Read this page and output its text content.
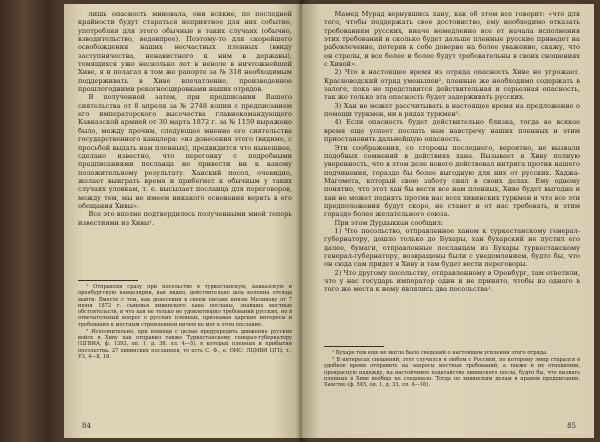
лишь опасность миновала, они всякие, по последней крайности будут стараться неприятное для них событие, употребляя для этого обычные в таких случаях (обычно, взводительство, ведовпрее). Поэтому-то для скорейшего освобождения наших несчастных пленных (ввиду заступничества, ненавистного к ним в державы), томящихся уже несколько лет в неволе в ничтожнейшей Хиве, я и полагал в том же рапорте за № 318 необходимым поддерживать в Хиве впечатление, произведенное прошлогодними рекогносцировками наших отрядов.

В полученной затем, при предписании Вашего сиятельства от 8 апреля за № 2748 копии с предписанием его императорского высочества главнокомандующего Кавказской армией от 30 марта 1872 г. за № 1159 выражено было, между прочим, следующее мнение его сиятельства государственного канцлера: «из донесения этого (видимо, с просьбой выдать нам пленных), предвидится что нынешнее, сделано известно, что перегонку с подробными предписаниями посланца не привести ни к какому положительному результату. Ханский посол, очевидно, желает выиграть время и прибегнет к обычным у таких случаях уловкам, т. е. высылает посланца для переговоров, между тем, мы не имеем никакого основания верить в его обещания Хивы».

Все это вполне подтвердилось полученными мной теперь известиями из Хивы¹.

¹ Отправляя сразу при посольстве в туркестанскую, кавказскую и оренбургскую канцелярии, как видно, действительно шла колонна отсюда выйти. Вместе с тем, как донесения в своем письме князю Меликову от 7 июня 1872 г. сыновья хивинского хана посланы, знавших местных обстоятельств, и что хан не только не удовлетворил требований русских, но в отвечательный вопрос о русских пленных, признавая царские интересы и требования к местным стремлением ничем не мог в этом послание.

² Исполнительно, при помощи с целью предупредить движение русских войск в Хиву хан отправил также Туркестанскому генерал-губернатору (ЦГВИА, ф. 1393, оп. 1, д. 38, лл. 4—5), в которых пленных и прибытии посольства. 27 хивинских посланцев, то есть С. Ф., е. ОИС: ЛЦИВИ ЦГЦ. т., УЗ, 4—8, 16.

84

Мамед Мурад вернувшись хану, как об этом все говорит: «что для того, чтобы поддержать свое достоинство, ему необходимо отказать требованиям русских, иначе немедленно все от начала исполнения этих требований и сколько будет дальше пленные русские приведет на рабовлечение, потеряв к себе доверие на более уважение, скажу, что он стрелы, и все более и более будут требовательны в своих сношениях с Хивой».

2) Что в настоящее время из отряда опасность Хиве не угрожает. Красноводский отряд уменьшен², пленные же необходимо содержать в залоге, пока не представится действительная и серьезная опасность, так же только эта опасность будет задерживать русских.

3) Хан не может рассчитывать в настоящее время на предложение о помощи туркмен, ни в рядах туркмен¹.

4) Если опасность будет действительно близка, тогда во всякое время еще успеет послать нам навстречу наших пленных и этим приостановить дальнейшую опасность.

Эти соображения, со стороны последнего, вероятно, не вызвали подобных сомнений в действиях хана. Вызывает в Хиву полную уверенность, что в этом деле нового действовал интрига против нашего подчинения, гораздо бы более выгодную для них от русских. Хаджа-Магомета, который свою заботу снял в своих делах. Ему одному понятно, что этот хан бы вести все нам пленных, Хиве будет выгодна и хан не может поднять против нас всех хивинских туркмен и что все эти предположения будут скоро, не станет и от нас требовать, и этим гораздо более желательного союза.

При этом Дурдыкхан сообщил:

1) Что посольство, отправленное ханом к туркестанскому генерал-губернатору, дошло только до Бухары, хан бухарский не пустил его далее, бумаги, отправленные посланцам из Бухары туркестанскому генерал-губернатору, возвращены были с уведомлением, будто бы, что он сюда сам придет в Хиву и там будет вести переговоры.

2) Что другому посольству, отправленному в Оренбург, там ответили, что у нас государь император один и не принято, чтобы из одного в того же места к нему являлись два посольства¹.

¹ Бухаре тем еще не могло было сведений о настоящем усилении этого отряда.

² В интересах сношений, этот случился в любом с Россией, по которому эмир старался в удобное время отправить на запросы местных требований, а также в их отношении, прекрасную надежду, на настойчивое ходатайство хивинского посла, будто бы, что вызвать пленных в Хиве вообще не следовало. Тогда по хивинским делам в правом предписании. Ханство (ф. 545, оп. 1, д. 33, лл. 4—16).

85
